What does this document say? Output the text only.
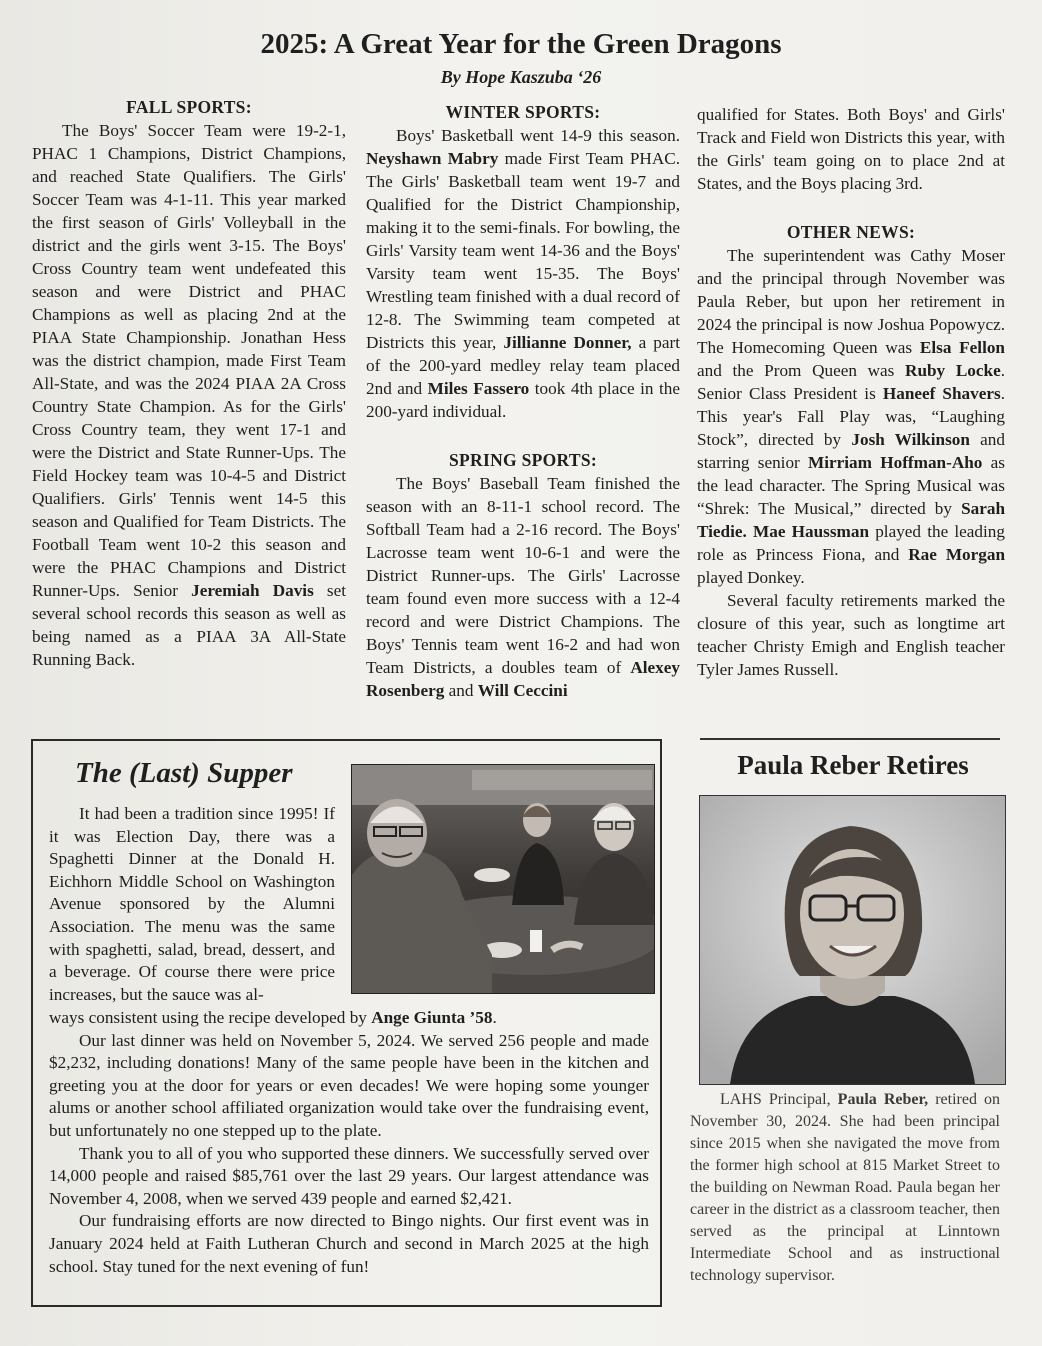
2025: A Great Year for the Green Dragons
By Hope Kaszuba ‘26
FALL SPORTS:

The Boys' Soccer Team were 19-2-1, PHAC 1 Champions, District Champions, and reached State Qualifiers. The Girls' Soccer Team was 4-1-11. This year marked the first season of Girls' Volleyball in the district and the girls went 3-15. The Boys' Cross Country team went undefeated this season and were District and PHAC Champions as well as placing 2nd at the PIAA State Championship. Jonathan Hess was the district champion, made First Team All-State, and was the 2024 PIAA 2A Cross Country State Champion. As for the Girls' Cross Country team, they went 17-1 and were the District and State Runner-Ups. The Field Hockey team was 10-4-5 and District Qualifiers. Girls' Tennis went 14-5 this season and Qualified for Team Districts. The Football Team went 10-2 this season and were the PHAC Champions and District Runner-Ups. Senior Jeremiah Davis set several school records this season as well as being named as a PIAA 3A All-State Running Back.

WINTER SPORTS:

Boys' Basketball went 14-9 this season. Neyshawn Mabry made First Team PHAC. The Girls' Basketball team went 19-7 and Qualified for the District Championship, making it to the semi-finals. For bowling, the Girls' Varsity team went 14-36 and the Boys' Varsity team went 15-35. The Boys' Wrestling team finished with a dual record of 12-8. The Swimming team competed at Districts this year, Jillianne Donner, a part of the 200-yard medley relay team placed 2nd and Miles Fassero took 4th place in the 200-yard individual.

SPRING SPORTS:

The Boys' Baseball Team finished the season with an 8-11-1 school record. The Softball Team had a 2-16 record. The Boys' Lacrosse team went 10-6-1 and were the District Runner-ups. The Girls' Lacrosse team found even more success with a 12-4 record and were District Champions. The Boys' Tennis team went 16-2 and had won Team Districts, a doubles team of Alexey Rosenberg and Will Ceccini

qualified for States. Both Boys' and Girls' Track and Field won Districts this year, with the Girls' team going on to place 2nd at States, and the Boys placing 3rd.

OTHER NEWS:

The superintendent was Cathy Moser and the principal through November was Paula Reber, but upon her retirement in 2024 the principal is now Joshua Popowycz. The Homecoming Queen was Elsa Fellon and the Prom Queen was Ruby Locke. Senior Class President is Haneef Shavers. This year's Fall Play was, “Laughing Stock”, directed by Josh Wilkinson and starring senior Mirriam Hoffman-Aho as the lead character. The Spring Musical was “Shrek: The Musical,” directed by Sarah Tiedie. Mae Haussman played the leading role as Princess Fiona, and Rae Morgan played Donkey.

Several faculty retirements marked the closure of this year, such as longtime art teacher Christy Emigh and English teacher Tyler James Russell.

The (Last) Supper

It had been a tradition since 1995! If it was Election Day, there was a Spaghetti Dinner at the Donald H. Eichhorn Middle School on Washington Avenue sponsored by the Alumni Association. The menu was the same with spaghetti, salad, bread, dessert, and a beverage. Of course there were price increases, but the sauce was al-

ways consistent using the recipe developed by Ange Giunta ’58.

Our last dinner was held on November 5, 2024. We served 256 people and made $2,232, including donations! Many of the same people have been in the kitchen and greeting you at the door for years or even decades! We were hoping some younger alums or another school affiliated organization would take over the fundraising event, but unfortunately no one stepped up to the plate.

Thank you to all of you who supported these dinners. We successfully served over 14,000 people and raised $85,761 over the last 29 years. Our largest attendance was November 4, 2008, when we served 439 people and earned $2,421.

Our fundraising efforts are now directed to Bingo nights. Our first event was in January 2024 held at Faith Lutheran Church and second in March 2025 at the high school. Stay tuned for the next evening of fun!

Paula Reber Retires

LAHS Principal, Paula Reber, retired on November 30, 2024. She had been principal since 2015 when she navigated the move from the former high school at 815 Market Street to the building on Newman Road. Paula began her career in the district as a classroom teacher, then served as the principal at Linntown Intermediate School and as instructional technology supervisor.
